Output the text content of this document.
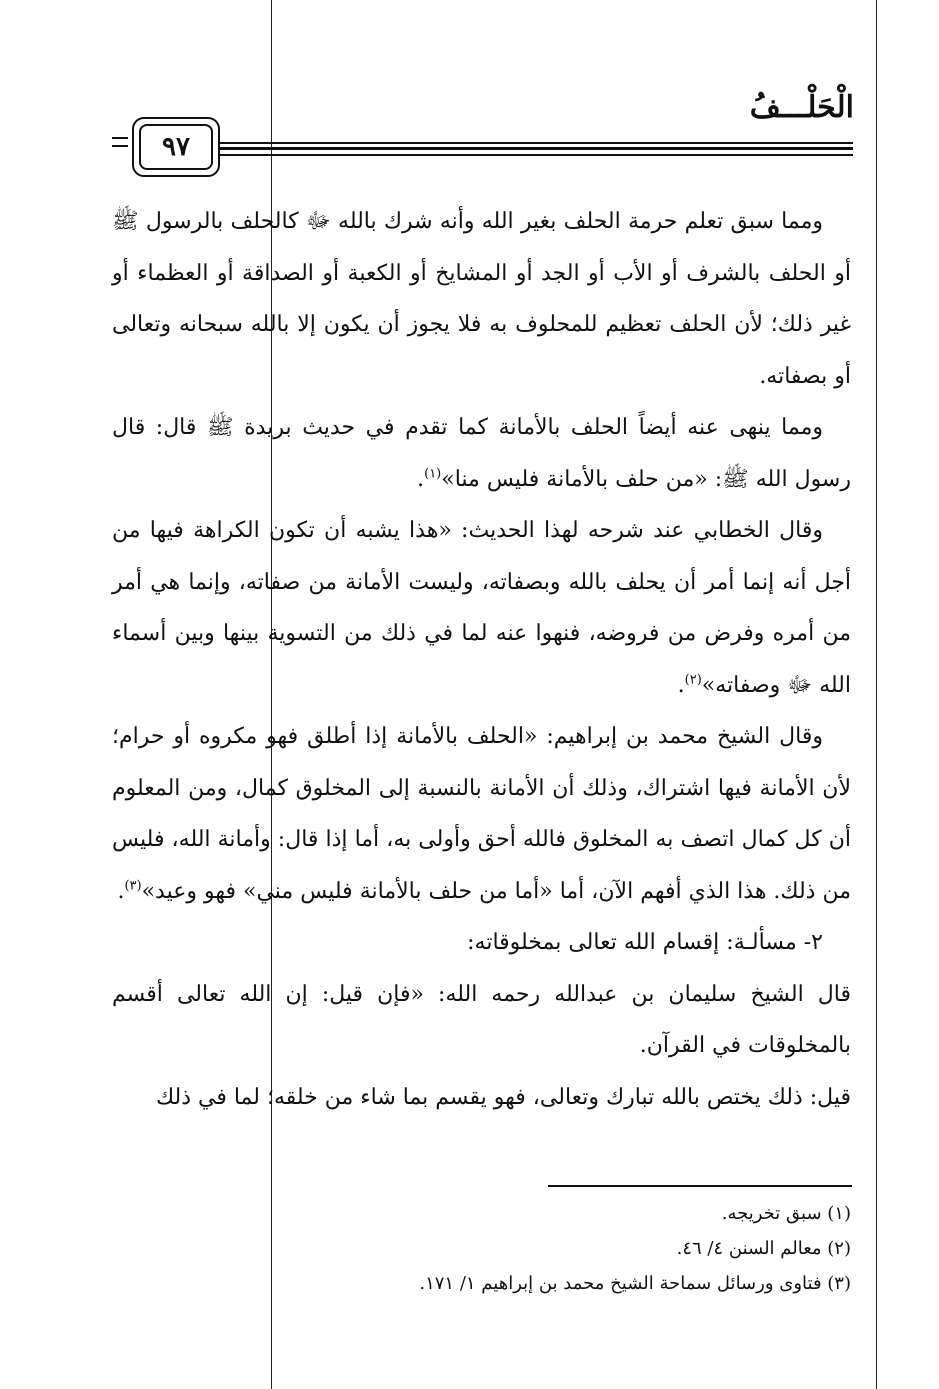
الْحَلْـــفُ
٩٧

ومما سبق تعلم حرمة الحلف بغير الله وأنه شرك بالله ﷻ كالحلف بالرسول ﷺ أو الحلف بالشرف أو الأب أو الجد أو المشايخ أو الكعبة أو الصداقة أو العظماء أو غير ذلك؛ لأن الحلف تعظيم للمحلوف به فلا يجوز أن يكون إلا بالله سبحانه وتعالى أو بصفاته.

ومما ينهى عنه أيضاً الحلف بالأمانة كما تقدم في حديث بريدة ﷺ قال: قال رسول الله ﷺ: «من حلف بالأمانة فليس منا»$^{(١)}$.

وقال الخطابي عند شرحه لهذا الحديث: «هذا يشبه أن تكون الكراهة فيها من أجل أنه إنما أمر أن يحلف بالله وبصفاته، وليست الأمانة من صفاته، وإنما هي أمر من أمره وفرض من فروضه، فنهوا عنه لما في ذلك من التسوية بينها وبين أسماء الله ﷻ وصفاته»$^{(٢)}$.

وقال الشيخ محمد بن إبراهيم: «الحلف بالأمانة إذا أطلق فهو مكروه أو حرام؛ لأن الأمانة فيها اشتراك، وذلك أن الأمانة بالنسبة إلى المخلوق كمال، ومن المعلوم أن كل كمال اتصف به المخلوق فالله أحق وأولى به، أما إذا قال: وأمانة الله، فليس من ذلك. هذا الذي أفهم الآن، أما «أما من حلف بالأمانة فليس مني» فهو وعيد»$^{(٣)}$.

٢- مسألـة: إقسام الله تعالى بمخلوقاته:

قال الشيخ سليمان بن عبدالله رحمه الله: «فإن قيل: إن الله تعالى أقسم بالمخلوقات في القرآن.

قيل: ذلك يختص بالله تبارك وتعالى، فهو يقسم بما شاء من خلقه؛ لما في ذلك

(١) سبق تخريجه.
(٢) معالم السنن ٤/ ٤٦.
(٣) فتاوى ورسائل سماحة الشيخ محمد بن إبراهيم ١/ ١٧١.
